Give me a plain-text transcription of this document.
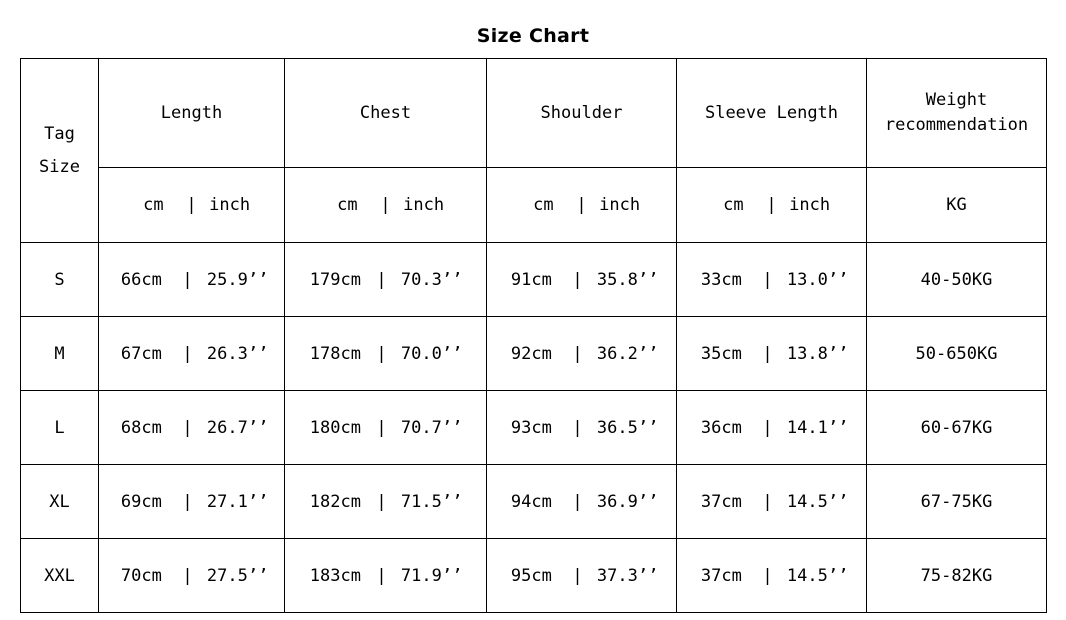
Size Chart
Tag
Size	Length	Chest	Shoulder	Sleeve Length	Weight
recommendation

	cm | inch	cm | inch	cm | inch	cm | inch	KG
S	66cm | 25.9’’	179cm | 70.3’’	91cm | 35.8’’	33cm | 13.0’’	40-50KG
M	67cm | 26.3’’	178cm | 70.0’’	92cm | 36.2’’	35cm | 13.8’’	50-650KG
L	68cm | 26.7’’	180cm | 70.7’’	93cm | 36.5’’	36cm | 14.1’’	60-67KG
XL	69cm | 27.1’’	182cm | 71.5’’	94cm | 36.9’’	37cm | 14.5’’	67-75KG
XXL	70cm | 27.5’’	183cm | 71.9’’	95cm | 37.3’’	37cm | 14.5’’	75-82KG
